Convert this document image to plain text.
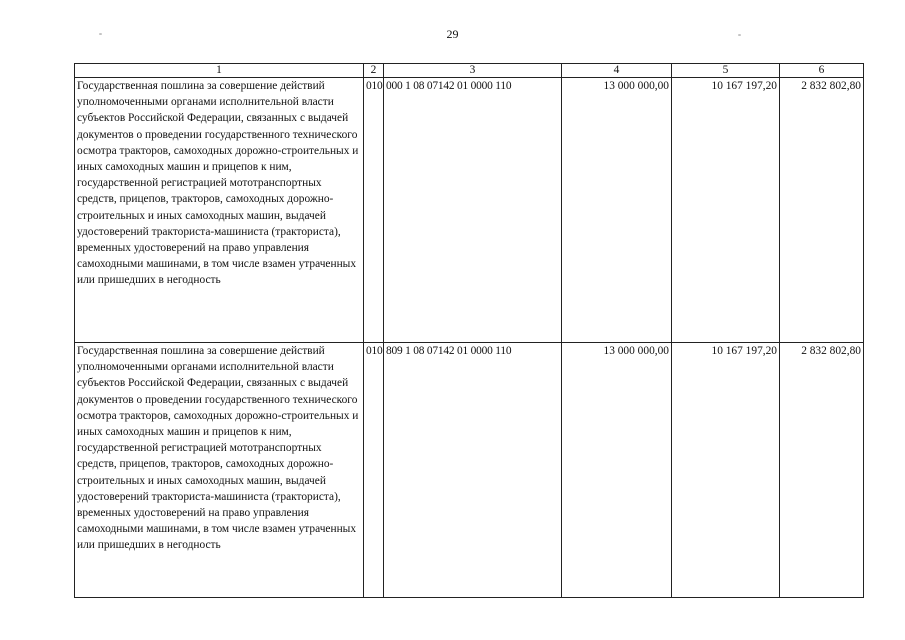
29
1	2	3	4	5	6
Государственная пошлина за совершение действий уполномоченными органами исполнительной власти субъектов Российской Федерации, связанных с выдачей документов о проведении государственного технического осмотра тракторов, самоходных дорожно-строительных и иных самоходных машин и прицепов к ним, государственной регистрацией мототранспортных средств, прицепов, тракторов, самоходных дорожно-строительных и иных самоходных машин, выдачей удостоверений тракториста-машиниста (тракториста), временных удостоверений на право управления самоходными машинами, в том числе взамен утраченных или пришедших в негодность	010	000 1 08 07142 01 0000 110	13 000 000,00	10 167 197,20	2 832 802,80
Государственная пошлина за совершение действий уполномоченными органами исполнительной власти субъектов Российской Федерации, связанных с выдачей документов о проведении государственного технического осмотра тракторов, самоходных дорожно-строительных и иных самоходных машин и прицепов к ним, государственной регистрацией мототранспортных средств, прицепов, тракторов, самоходных дорожно-строительных и иных самоходных машин, выдачей удостоверений тракториста-машиниста (тракториста), временных удостоверений на право управления самоходными машинами, в том числе взамен утраченных или пришедших в негодность	010	809 1 08 07142 01 0000 110	13 000 000,00	10 167 197,20	2 832 802,80
